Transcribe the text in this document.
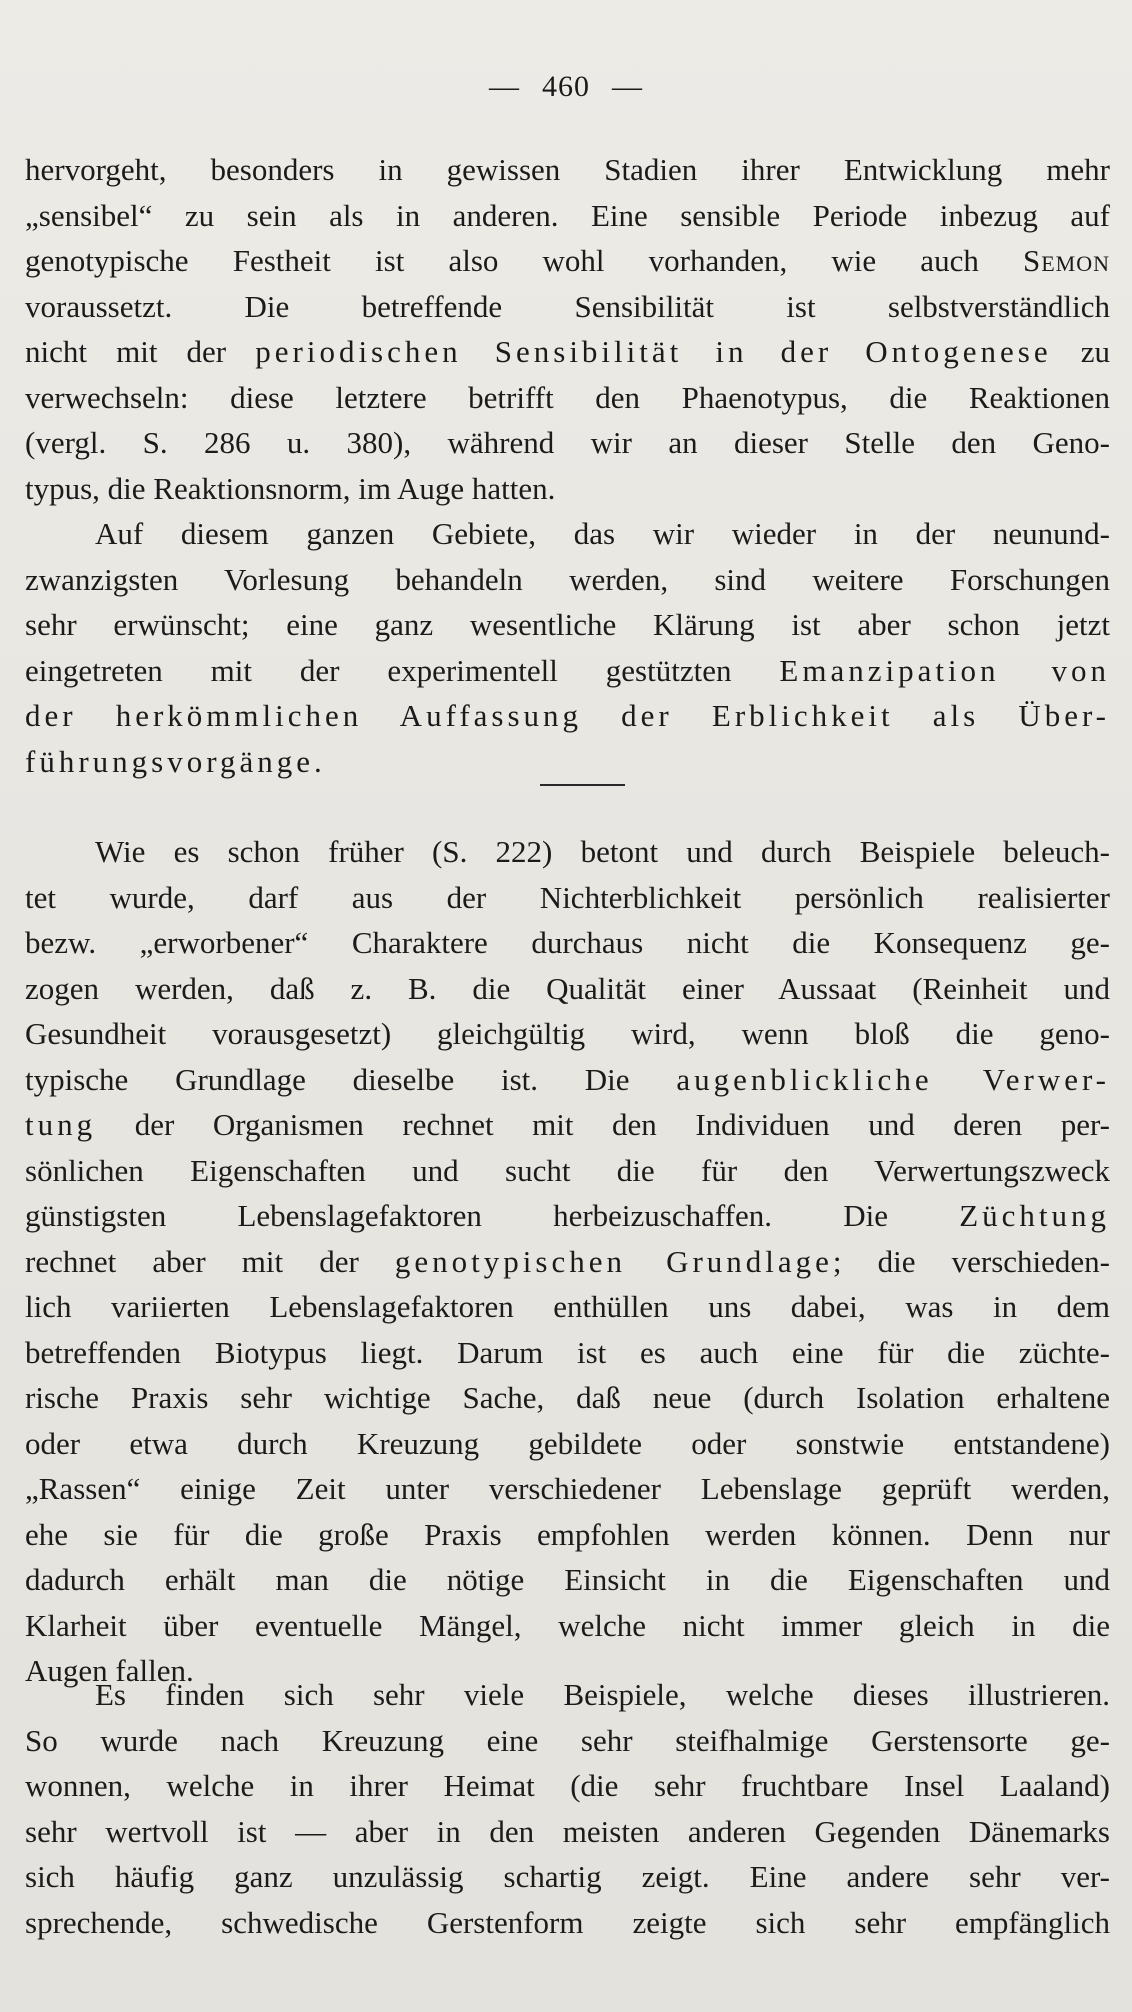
— 460 —
hervorgeht, besonders in gewissen Stadien ihrer Entwicklung mehr
„sensibel“ zu sein als in anderen. Eine sensible Periode inbezug auf
genotypische Festheit ist also wohl vorhanden, wie auch Semon
voraussetzt. Die betreffende Sensibilität ist selbstverständlich
nicht mit der periodischen Sensibilität in der Ontogenese zu
verwechseln: diese letztere betrifft den Phaenotypus, die Reaktionen
(vergl. S. 286 u. 380), während wir an dieser Stelle den Geno-
typus, die Reaktionsnorm, im Auge hatten.
Auf diesem ganzen Gebiete, das wir wieder in der neunund-
zwanzigsten Vorlesung behandeln werden, sind weitere Forschungen
sehr erwünscht; eine ganz wesentliche Klärung ist aber schon jetzt
eingetreten mit der experimentell gestützten Emanzipation von
der herkömmlichen Auffassung der Erblichkeit als Über-
führungsvorgänge.
Wie es schon früher (S. 222) betont und durch Beispiele beleuch-
tet wurde, darf aus der Nichterblichkeit persönlich realisierter
bezw. „erworbener“ Charaktere durchaus nicht die Konsequenz ge-
zogen werden, daß z. B. die Qualität einer Aussaat (Reinheit und
Gesundheit vorausgesetzt) gleichgültig wird, wenn bloß die geno-
typische Grundlage dieselbe ist. Die augenblickliche Verwer-
tung der Organismen rechnet mit den Individuen und deren per-
sönlichen Eigenschaften und sucht die für den Verwertungszweck
günstigsten Lebenslagefaktoren herbeizuschaffen. Die Züchtung
rechnet aber mit der genotypischen Grundlage; die verschieden-
lich variierten Lebenslagefaktoren enthüllen uns dabei, was in dem
betreffenden Biotypus liegt. Darum ist es auch eine für die züchte-
rische Praxis sehr wichtige Sache, daß neue (durch Isolation erhaltene
oder etwa durch Kreuzung gebildete oder sonstwie entstandene)
„Rassen“ einige Zeit unter verschiedener Lebenslage geprüft werden,
ehe sie für die große Praxis empfohlen werden können. Denn nur
dadurch erhält man die nötige Einsicht in die Eigenschaften und
Klarheit über eventuelle Mängel, welche nicht immer gleich in die
Augen fallen.
Es finden sich sehr viele Beispiele, welche dieses illustrieren.
So wurde nach Kreuzung eine sehr steifhalmige Gerstensorte ge-
wonnen, welche in ihrer Heimat (die sehr fruchtbare Insel Laaland)
sehr wertvoll ist — aber in den meisten anderen Gegenden Dänemarks
sich häufig ganz unzulässig schartig zeigt. Eine andere sehr ver-
sprechende, schwedische Gerstenform zeigte sich sehr empfänglich
